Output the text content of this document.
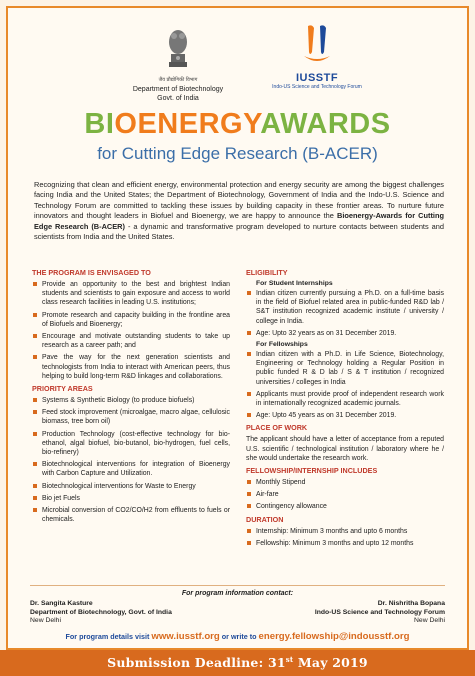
जैव प्रौद्योगिकी विभाग
Department of Biotechnology
Govt. of India
IUSSTF
Indo-US Science and Technology Forum
BIOENERGYAWARDS
for Cutting Edge Research (B-ACER)
Recognizing that clean and efficient energy, environmental protection and energy security are among the biggest challenges facing India and the United States; the Department of Biotechnology, Government of India and the Indo-U.S. Science and Technology Forum are committed to tackling these issues by building capacity in these frontier areas. To nurture future innovators and thought leaders in Biofuel and Bioenergy, we are happy to announce the Bioenergy-Awards for Cutting Edge Research (B-ACER) - a dynamic and transformative program developed to nurture contacts between students and scientists from India and the United States.
THE PROGRAM IS ENVISAGED TO
Provide an opportunity to the best and brightest Indian students and scientists to gain exposure and access to world class research facilities in leading U.S. institutions;
Promote research and capacity building in the frontline area of Biofuels and Bioenergy;
Encourage and motivate outstanding students to take up research as a career path; and
Pave the way for the next generation scientists and technologists from India to interact with American peers, thus helping to build long-term R&D linkages and collaborations.
PRIORITY AREAS
Systems & Synthetic Biology (to produce biofuels)
Feed stock improvement (microalgae, macro algae, cellulosic biomass, tree born oil)
Production Technology (cost-effective technology for bio-ethanol, algal biofuel, bio-butanol, bio-hydrogen, fuel cells, bio-refinery)
Biotechnological interventions for integration of Bioenergy with Carbon Capture and Utilization.
Biotechnological interventions for Waste to Energy
Bio jet Fuels
Microbial conversion of CO2/CO/H2 from effluents to fuels or chemicals.
ELIGIBILITY
For Student Internships
Indian citizen currently pursuing a Ph.D. on a full-time basis in the field of Biofuel related area in public-funded R&D lab / S&T institution recognized academic institute / university / college in India.
Age: Upto 32 years as on 31 December 2019.
For Fellowships
Indian citizen with a Ph.D. in Life Science, Biotechnology, Engineering or Technology holding a Regular Position in public funded R & D lab / S & T institution / recognized universities / colleges in India
Applicants must provide proof of independent research work in internationally recognized academic journals.
Age: Upto 45 years as on 31 December 2019.
PLACE OF WORK

The applicant should have a letter of acceptance from a reputed U.S. scientific / technological institution / laboratory where he / she would undertake the research work.

FELLOWSHIP/INTERNSHIP INCLUDES
Monthly Stipend
Air-fare
Contingency allowance
DURATION
Internship: Minimum 3 months and upto 6 months
Fellowship: Minimum 3 months and upto 12 months
For program information contact:
Dr. Sangita Kasture
Department of Biotechnology, Govt. of India
New Delhi
Dr. Nishritha Bopana
Indo-US Science and Technology Forum
New Delhi
For program details visit www.iusstf.org or write to energy.fellowship@indousstf.org
Submission Deadline: 31st May 2019
